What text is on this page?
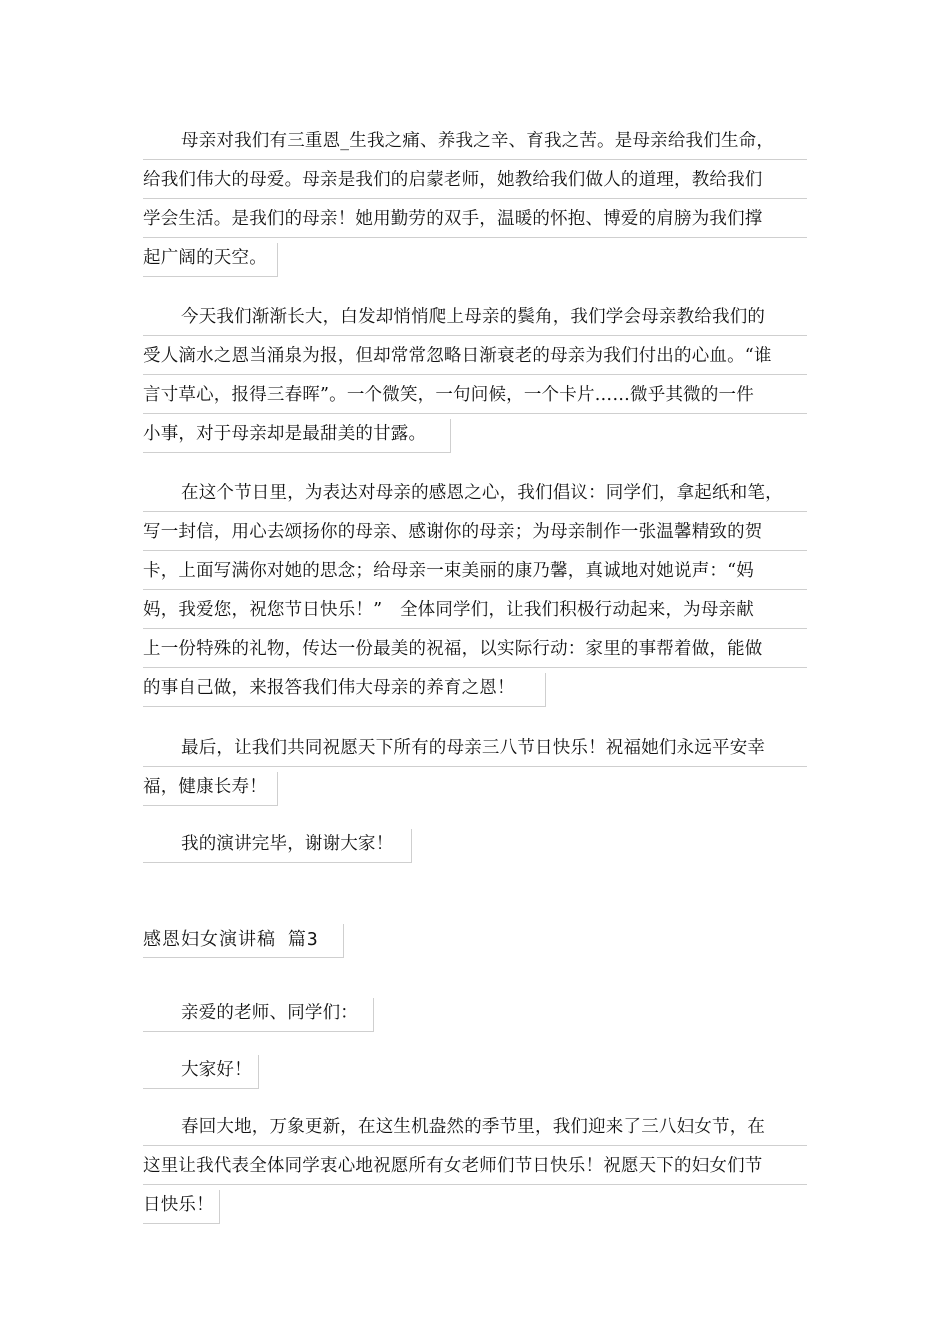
母亲对我们有三重恩_生我之痛、养我之辛、育我之苦。是母亲给我们生命，
给我们伟大的母爱。母亲是我们的启蒙老师，她教给我们做人的道理，教给我们
学会生活。是我们的母亲！她用勤劳的双手，温暖的怀抱、博爱的肩膀为我们撑
起广阔的天空。
今天我们渐渐长大，白发却悄悄爬上母亲的鬓角，我们学会母亲教给我们的
受人滴水之恩当涌泉为报，但却常常忽略日渐衰老的母亲为我们付出的心血。“谁
言寸草心，报得三春晖”。一个微笑，一句问候，一个卡片……微乎其微的一件
小事，对于母亲却是最甜美的甘露。
在这个节日里，为表达对母亲的感恩之心，我们倡议：同学们，拿起纸和笔，
写一封信，用心去颂扬你的母亲、感谢你的母亲；为母亲制作一张温馨精致的贺
卡，上面写满你对她的思念；给母亲一束美丽的康乃馨，真诚地对她说声：“妈
妈，我爱您，祝您节日快乐！”　全体同学们，让我们积极行动起来，为母亲献
上一份特殊的礼物，传达一份最美的祝福，以实际行动：家里的事帮着做，能做
的事自己做，来报答我们伟大母亲的养育之恩！
最后，让我们共同祝愿天下所有的母亲三八节日快乐！祝福她们永远平安幸
福，健康长寿！
我的演讲完毕，谢谢大家！
感恩妇女演讲稿 篇3
亲爱的老师、同学们：
大家好！
春回大地，万象更新，在这生机盎然的季节里，我们迎来了三八妇女节，在
这里让我代表全体同学衷心地祝愿所有女老师们节日快乐！祝愿天下的妇女们节
日快乐！
